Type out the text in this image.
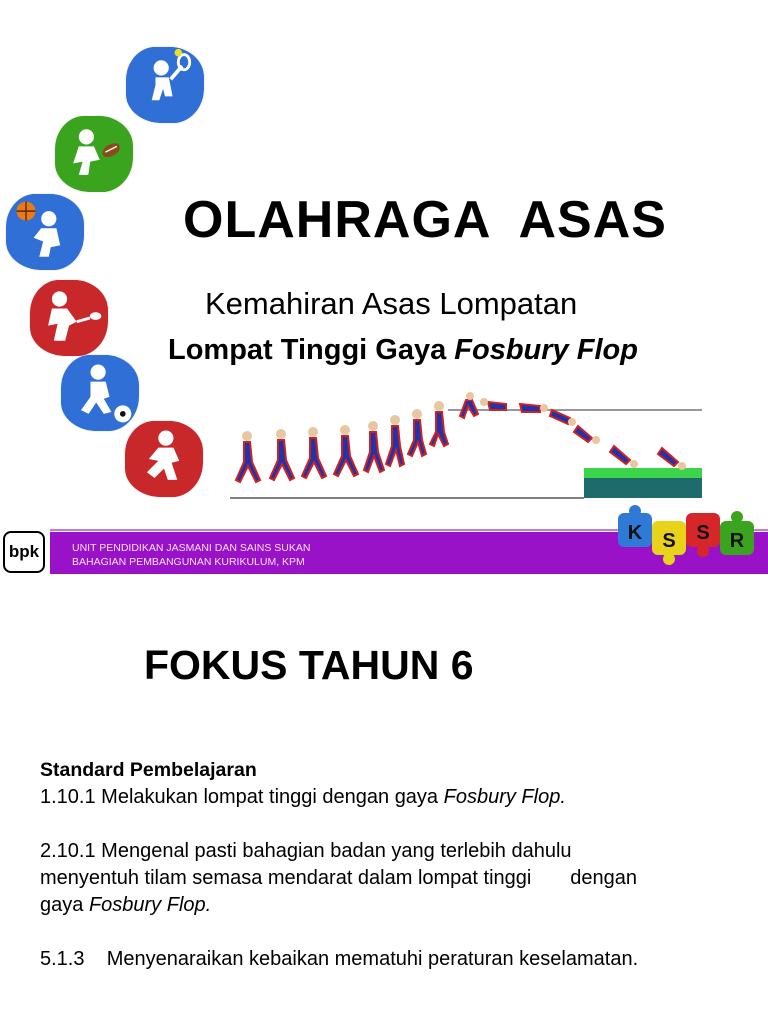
OLAHRAGA  ASAS
Kemahiran Asas Lompatan
Lompat Tinggi Gaya Fosbury Flop
bpk	UNIT PENDIDIKAN JASMANI DAN SAINS SUKAN
BAHAGIAN PEMBANGUNAN KURIKULUM, KPM
K S S R
FOKUS TAHUN 6

Standard Pembelajaran

1.10.1 Melakukan lompat tinggi dengan gaya Fosbury Flop.

2.10.1 Mengenal pasti bahagian badan yang terlebih dahulu

menyentuh tilam semasa mendarat dalam lompat tinggi       dengan

gaya Fosbury Flop.

5.1.3    Menyenaraikan kebaikan mematuhi peraturan keselamatan.
